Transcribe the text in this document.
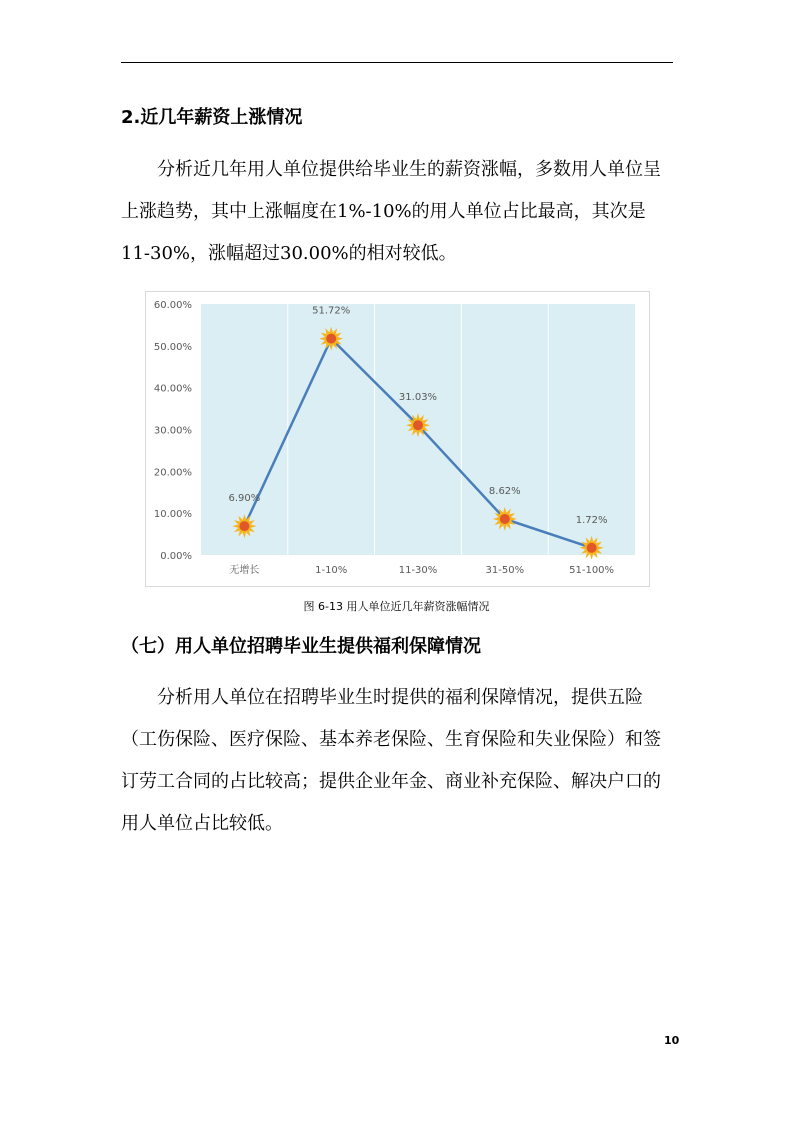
2.近几年薪资上涨情况

分析近几年用人单位提供给毕业生的薪资涨幅，多数用人单位呈上涨趋势，其中上涨幅度在1%-10%的用人单位占比最高，其次是11-30%，涨幅超过30.00%的相对较低。

0.00%
10.00%
20.00%
30.00%
40.00%
50.00%
60.00%
无增长	1-10%	11-30%	31-50%	51-100%
6.90%
51.72%
31.03%
8.62%
1.72%

图 6-13 用人单位近几年薪资涨幅情况

（七）用人单位招聘毕业生提供福利保障情况

分析用人单位在招聘毕业生时提供的福利保障情况，提供五险（工伤保险、医疗保险、基本养老保险、生育保险和失业保险）和签订劳工合同的占比较高；提供企业年金、商业补充保险、解决户口的用人单位占比较低。

10
